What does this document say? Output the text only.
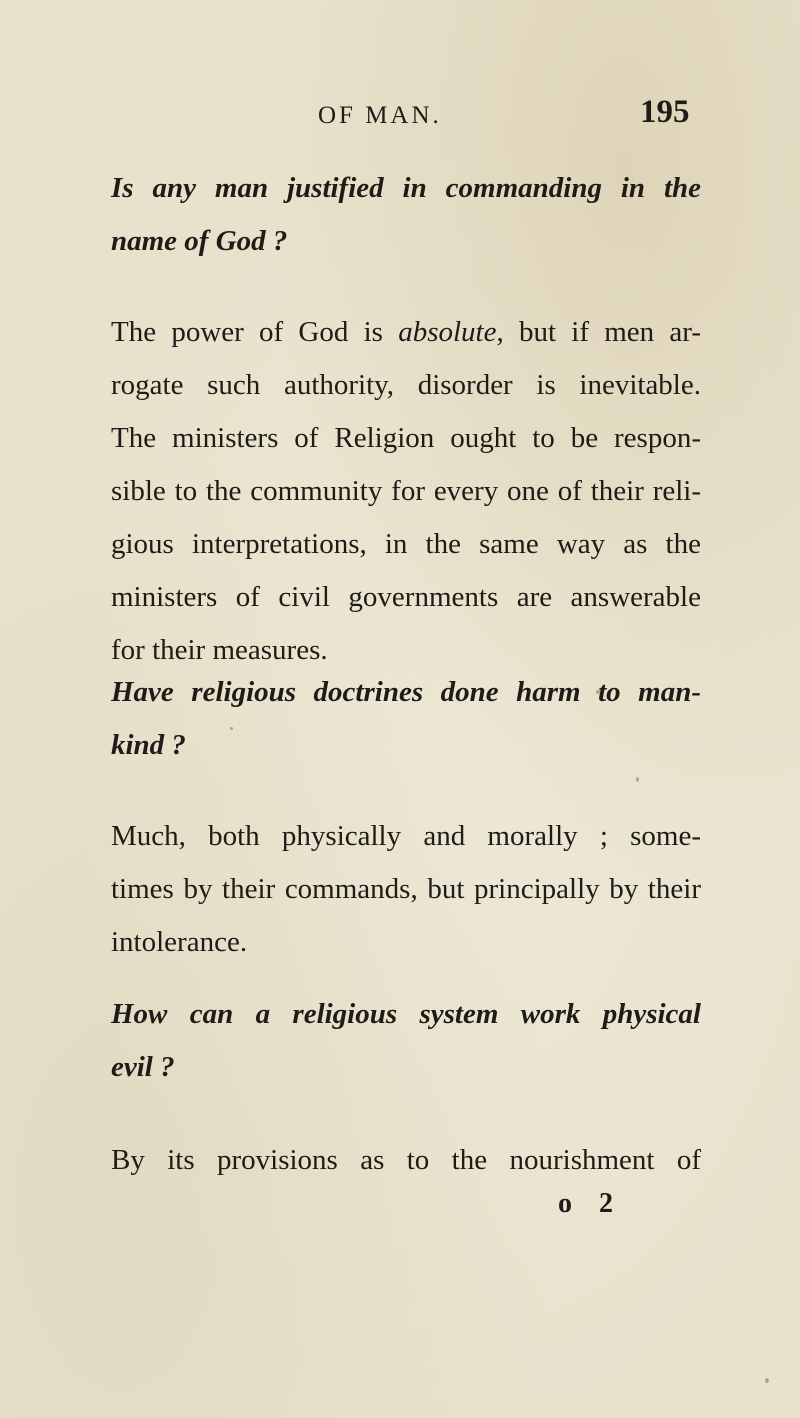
OF MAN.	195

Is any man justified in commanding in the
name of God ?

The power of God is absolute, but if men ar-
rogate such authority, disorder is inevitable.
The ministers of Religion ought to be respon-
sible to the community for every one of their reli-
gious interpretations, in the same way as the
ministers of civil governments are answerable
for their measures.

Have religious doctrines done harm to man-
kind ?

Much, both physically and morally ; some-
times by their commands, but principally by their
intolerance.

How can a religious system work physical
evil ?

By its provisions as to the nourishment of

o 2
